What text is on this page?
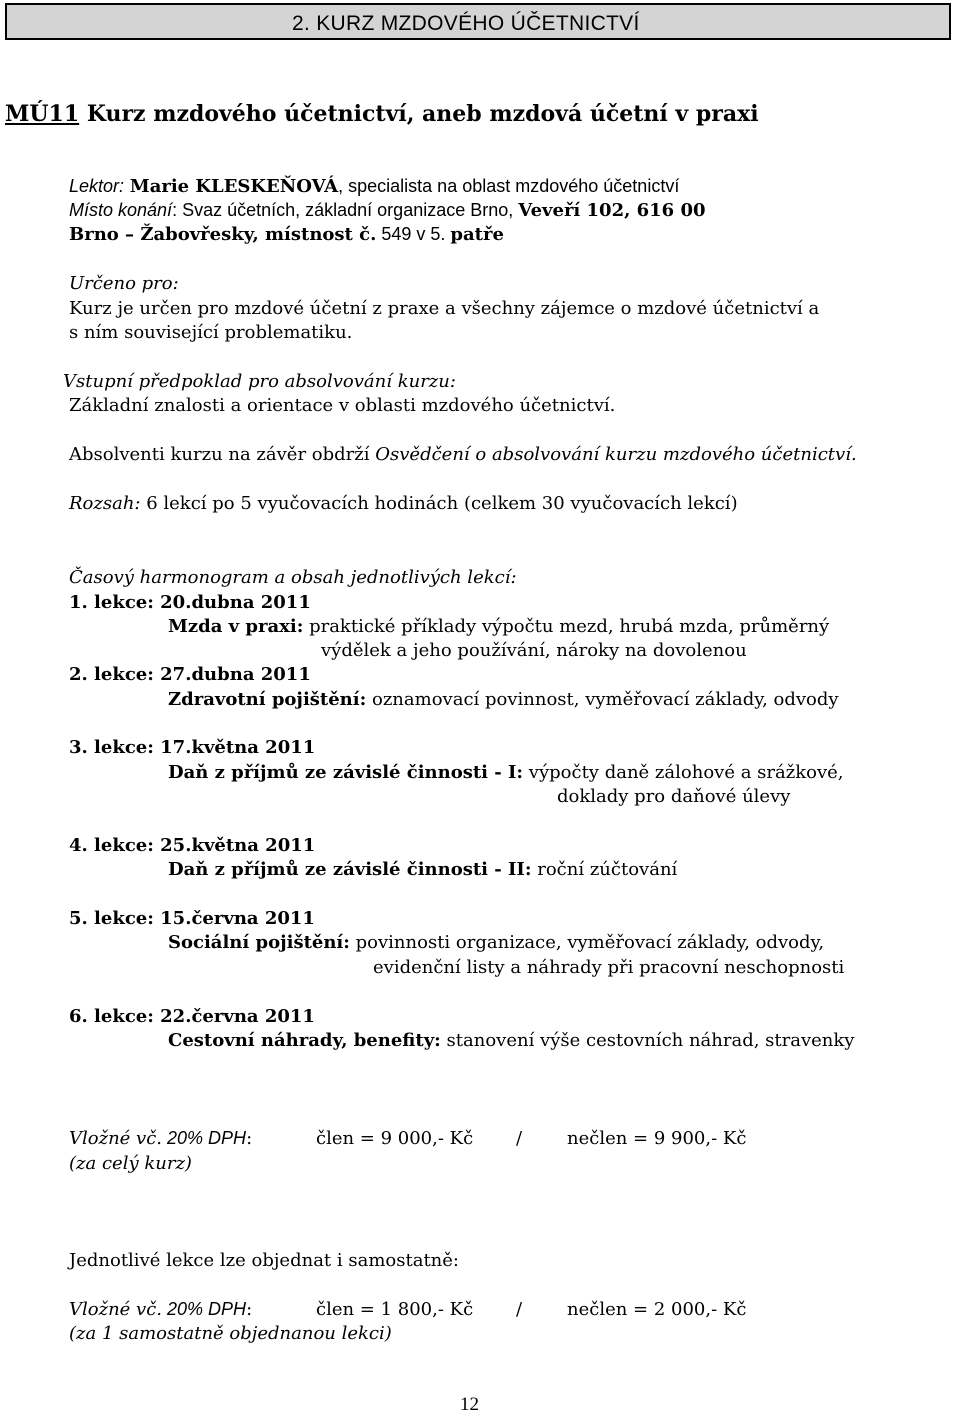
2. KURZ MZDOVÉHO ÚČETNICTVÍ
MÚ11 Kurz mzdového účetnictví, aneb mzdová účetní v praxi
Lektor: Marie KLESKEŇOVÁ, specialista na oblast mzdového účetnictví
Místo konání: Svaz účetních, základní organizace Brno, Veveří 102, 616 00
Brno – Žabovřesky, místnost č. 549 v 5. patře
Určeno pro:
Kurz je určen pro mzdové účetní z praxe a všechny zájemce o mzdové účetnictví a
s ním související problematiku.
Vstupní předpoklad pro absolvování kurzu:
Základní znalosti a orientace v oblasti mzdového účetnictví.
Absolventi kurzu na závěr obdrží Osvědčení o absolvování kurzu mzdového účetnictví.
Rozsah: 6 lekcí po 5 vyučovacích hodinách (celkem 30 vyučovacích lekcí)
Časový harmonogram a obsah jednotlivých lekcí:
1. lekce: 20.dubna 2011
Mzda v praxi: praktické příklady výpočtu mezd, hrubá mzda, průměrný
výdělek a jeho používání, nároky na dovolenou
2. lekce: 27.dubna 2011
Zdravotní pojištění: oznamovací povinnost, vyměřovací základy, odvody
3. lekce: 17.května 2011
Daň z příjmů ze závislé činnosti - I: výpočty daně zálohové a srážkové,
doklady pro daňové úlevy
4. lekce: 25.května 2011
Daň z příjmů ze závislé činnosti - II: roční zúčtování
5. lekce: 15.června 2011
Sociální pojištění: povinnosti organizace, vyměřovací základy, odvody,
evidenční listy a náhrady při pracovní neschopnosti
6. lekce: 22.června 2011
Cestovní náhrady, benefity: stanovení výše cestovních náhrad, stravenky
Vložné vč. 20% DPH:	člen = 9 000,- Kč / nečlen = 9 900,- Kč
(za celý kurz)
Jednotlivé lekce lze objednat i samostatně:
Vložné vč. 20% DPH:	člen = 1 800,- Kč / nečlen = 2 000,- Kč
(za 1 samostatně objednanou lekci)
12
